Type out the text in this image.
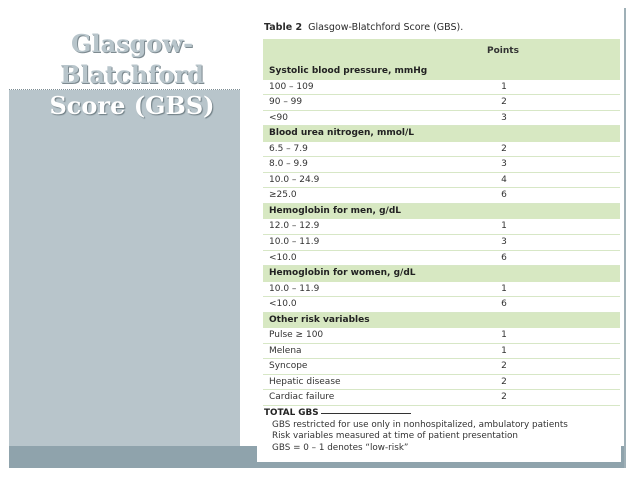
Glasgow-
Blatchford
Score (GBS)
Table 2 Glasgow-Blatchford Score (GBS).
Points
Systolic blood pressure, mmHg
100 – 109	1
90 – 99	2
<90	3
Blood urea nitrogen, mmol/L
6.5 – 7.9	2
8.0 – 9.9	3
10.0 – 24.9	4
≥25.0	6
Hemoglobin for men, g/dL
12.0 – 12.9	1
10.0 – 11.9	3
<10.0	6
Hemoglobin for women, g/dL
10.0 – 11.9	1
<10.0	6
Other risk variables
Pulse ≥ 100	1
Melena	1
Syncope	2
Hepatic disease	2
Cardiac failure	2
TOTAL GBS
GBS restricted for use only in nonhospitalized, ambulatory patients
Risk variables measured at time of patient presentation
GBS = 0 – 1 denotes “low-risk”
